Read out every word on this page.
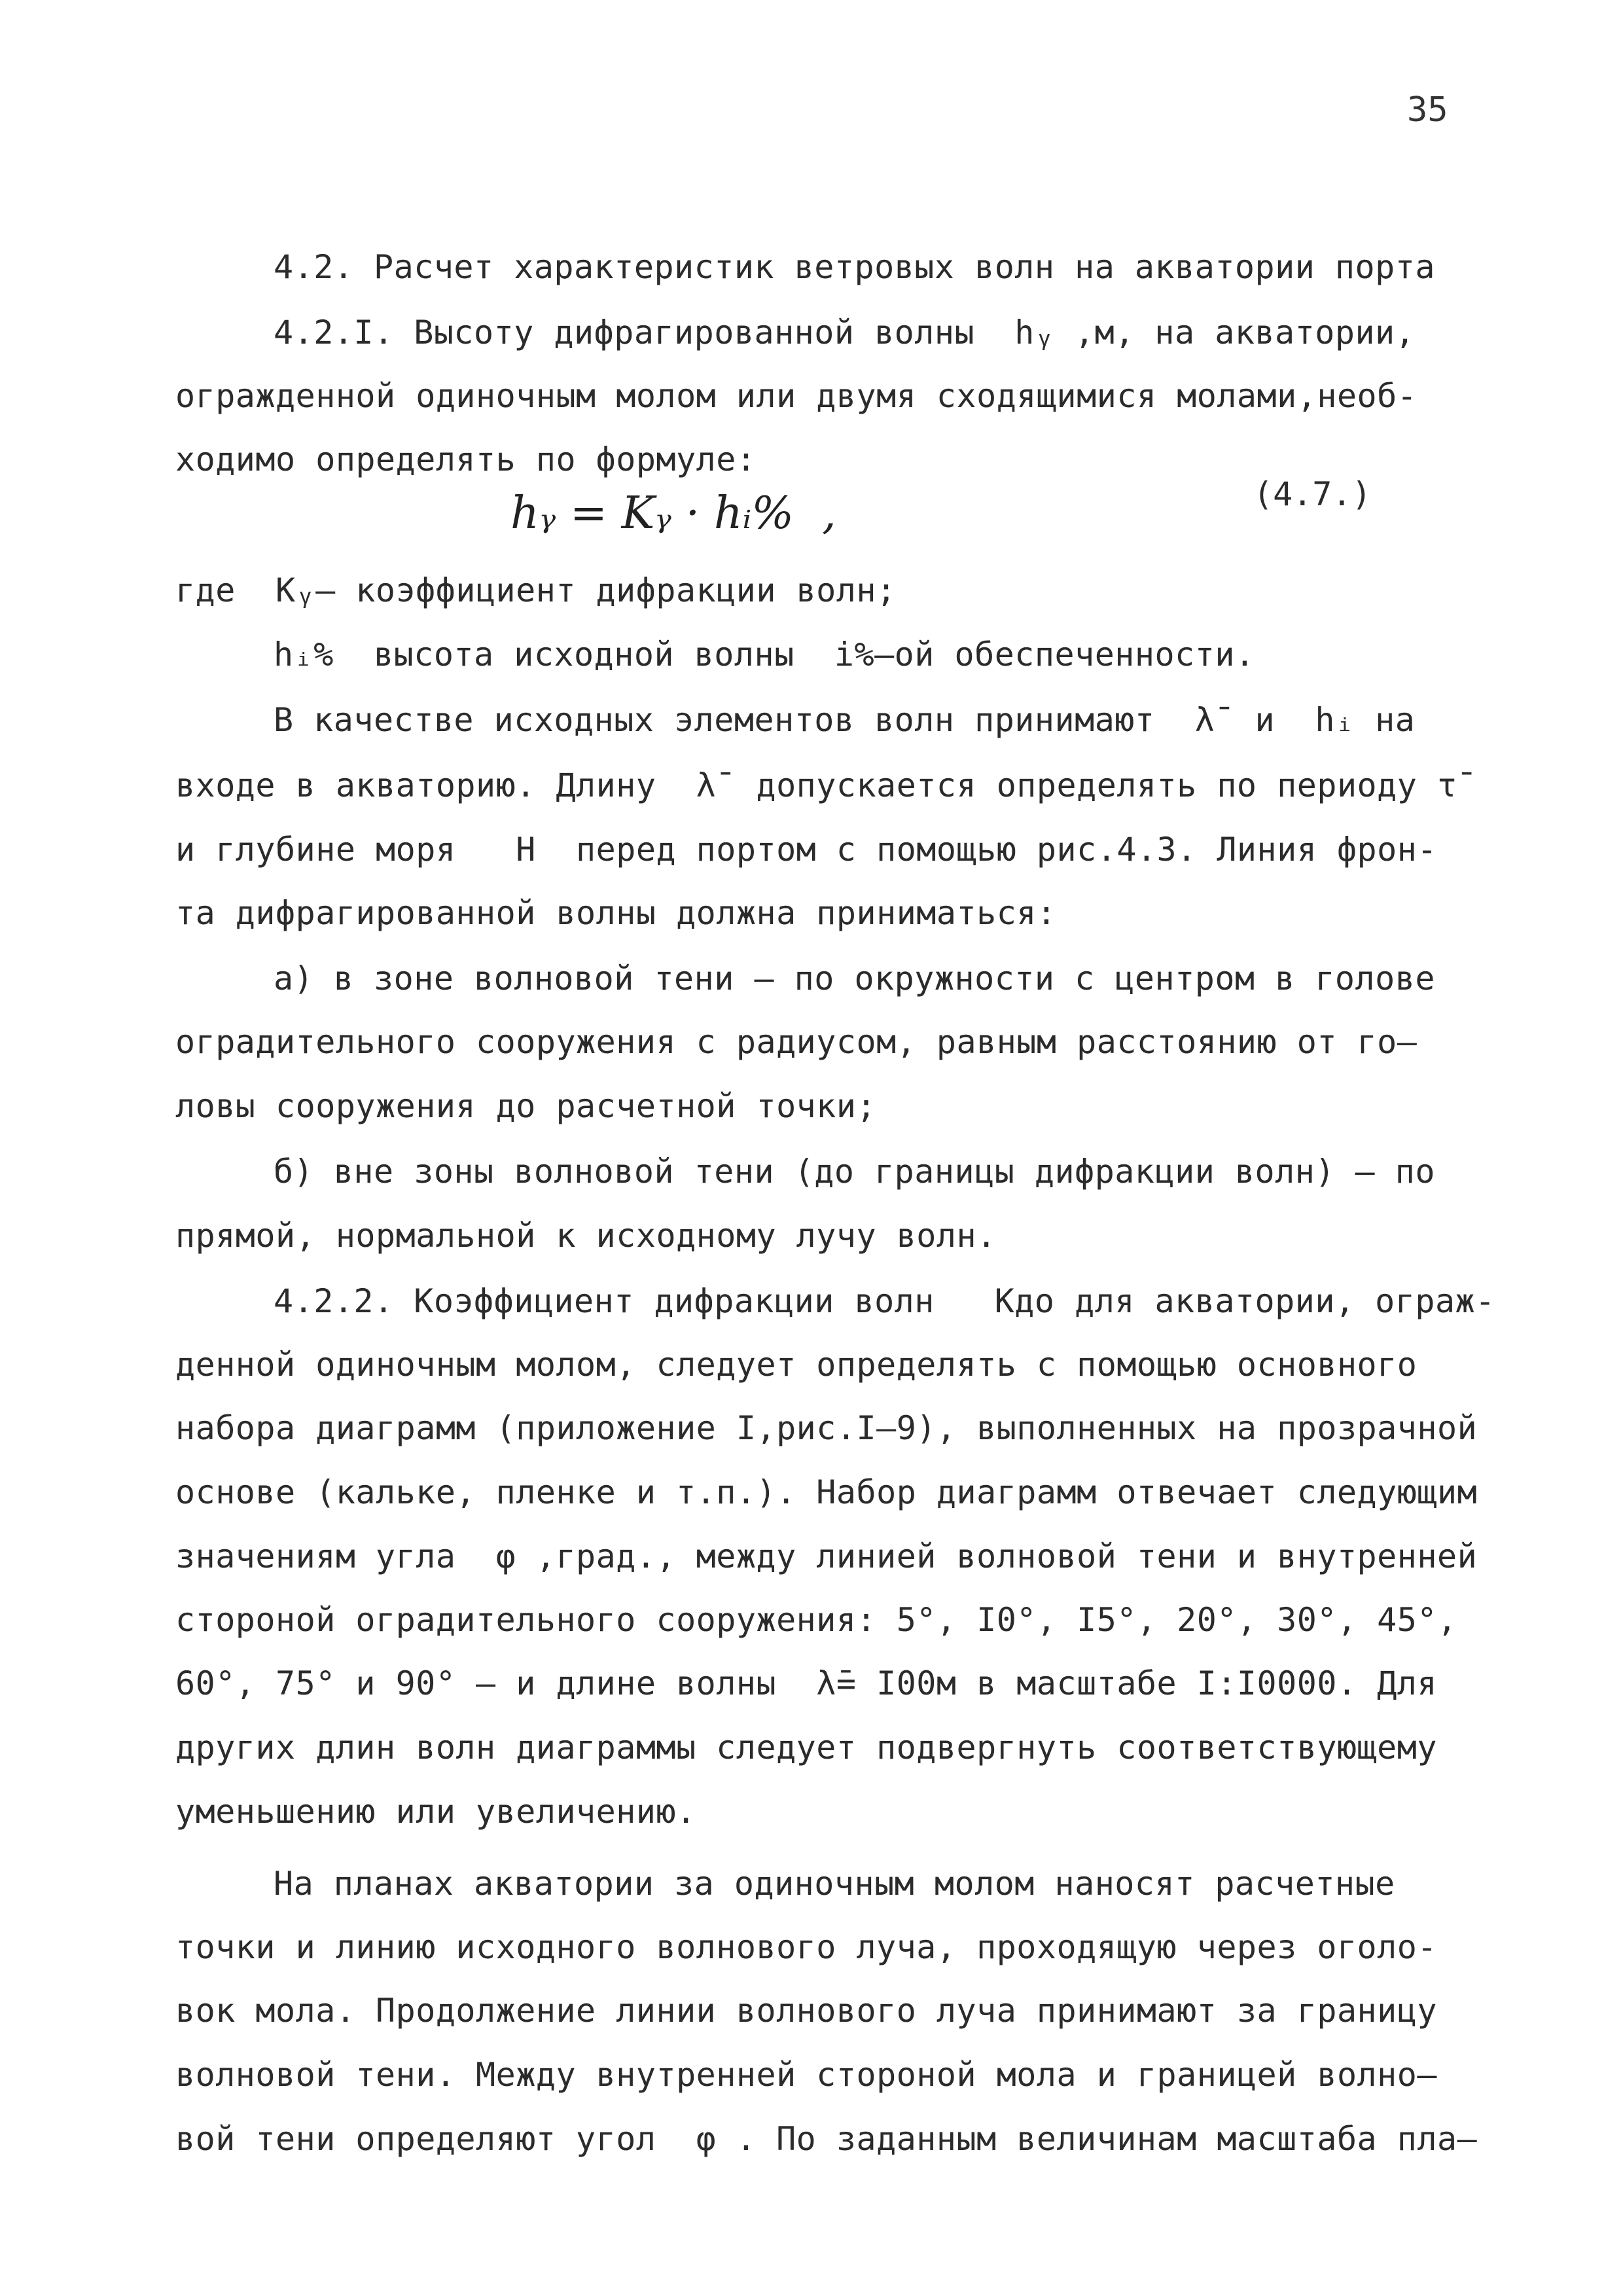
35
4.2. Расчет характеристик ветровых волн на акватории порта
4.2.I. Высоту дифрагированной волны  hᵧ ,м, на акватории,
огражденной одиночным молом или двумя сходящимися молами,необ-
ходимо определять по формуле:
hᵧ = Kᵧ · hᵢ%  ,	(4.7.)
где  Kᵧ– коэффициент дифракции волн;
hᵢ%  высота исходной волны  i%–ой обеспеченности.
В качестве исходных элементов волн принимают  λ̄  и  hᵢ на
входе в акваторию. Длину  λ̄  допускается определять по периоду τ̄
и глубине моря   H  перед портом с помощью рис.4.3. Линия фрон-
та дифрагированной волны должна приниматься:
а) в зоне волновой тени – по окружности с центром в голове
оградительного сооружения с радиусом, равным расстоянию от го–
ловы сооружения до расчетной точки;
б) вне зоны волновой тени (до границы дифракции волн) – по
прямой, нормальной к исходному лучу волн.
4.2.2. Коэффициент дифракции волн   Кдо для акватории, ограж-
денной одиночным молом, следует определять с помощью основного
набора диаграмм (приложение I,рис.I–9), выполненных на прозрачной
основе (кальке, пленке и т.п.). Набор диаграмм отвечает следующим
значениям угла  φ ,град., между линией волновой тени и внутренней
стороной оградительного сооружения: 5°, I0°, I5°, 20°, 30°, 45°,
60°, 75° и 90° – и длине волны  λ̄= I00м в масштабе I:I0000. Для
других длин волн диаграммы следует подвергнуть соответствующему
уменьшению или увеличению.
На планах акватории за одиночным молом наносят расчетные
точки и линию исходного волнового луча, проходящую через оголо-
вок мола. Продолжение линии волнового луча принимают за границу
волновой тени. Между внутренней стороной мола и границей волно–
вой тени определяют угол  φ . По заданным величинам масштаба пла–
